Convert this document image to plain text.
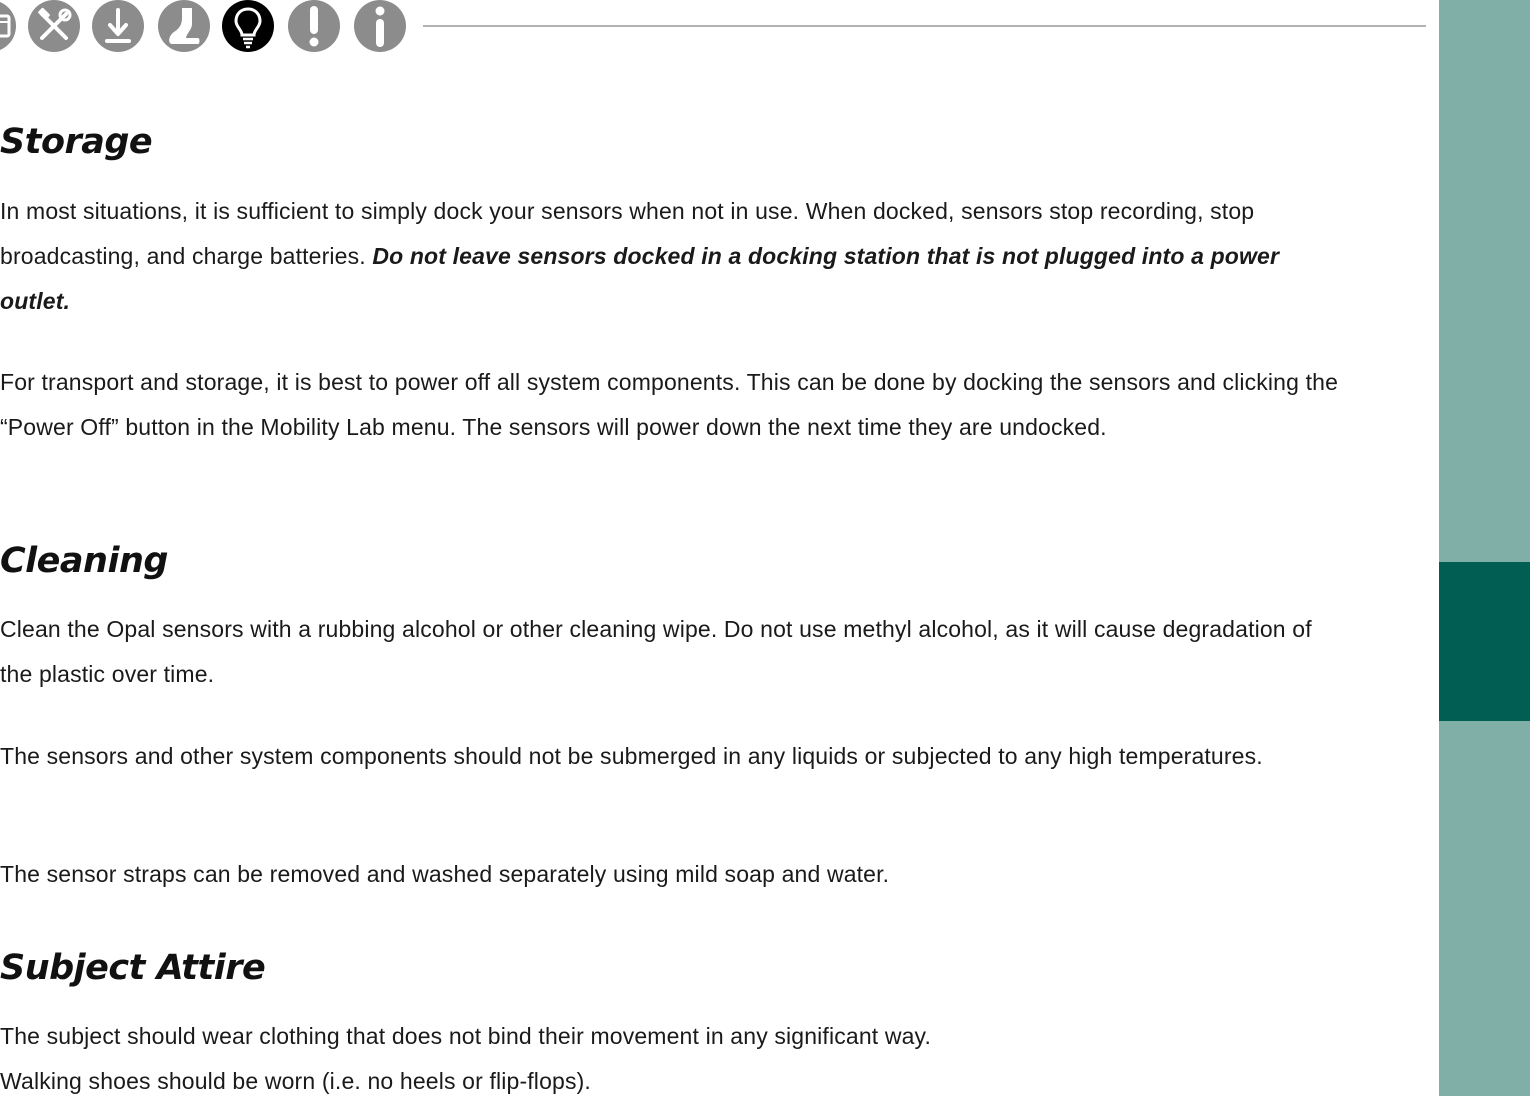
Storage

In most situations, it is sufficient to simply dock your sensors when not in use. When docked, sensors stop recording, stop broadcasting, and charge batteries. Do not leave sensors docked in a docking station that is not plugged into a power outlet.

For transport and storage, it is best to power off all system components. This can be done by docking the sensors and clicking the “Power Off” button in the Mobility Lab menu. The sensors will power down the next time they are undocked.

Cleaning

Clean the Opal sensors with a rubbing alcohol or other cleaning wipe. Do not use methyl alcohol, as it will cause degradation of the plastic over time.

The sensors and other system components should not be submerged in any liquids or subjected to any high temperatures.

The sensor straps can be removed and washed separately using mild soap and water.

Subject Attire

The subject should wear clothing that does not bind their movement in any significant way.

Walking shoes should be worn (i.e. no heels or flip-flops).
